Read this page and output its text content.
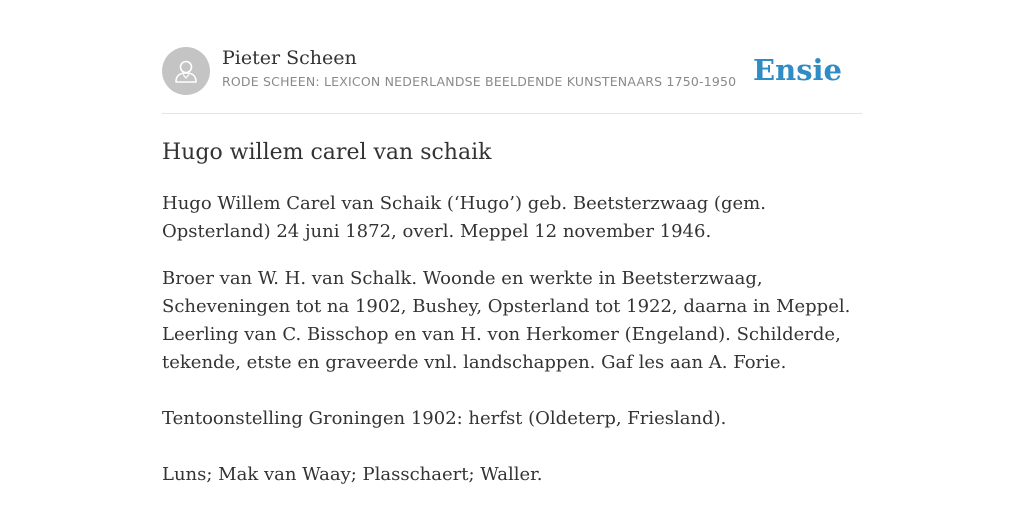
Pieter Scheen
RODE SCHEEN: LEXICON NEDERLANDSE BEELDENDE KUNSTENAARS 1750-1950 Ensie
Hugo willem carel van schaik

Hugo Willem Carel van Schaik (‘Hugo’) geb. Beetsterzwaag (gem. Opsterland) 24 juni 1872, overl. Meppel 12 november 1946.

Broer van W. H. van Schalk. Woonde en werkte in Beetsterzwaag, Scheveningen tot na 1902, Bushey, Opsterland tot 1922, daarna in Meppel. Leerling van C. Bisschop en van H. von Herkomer (Engeland). Schilderde, tekende, etste en graveerde vnl. landschappen. Gaf les aan A. Forie.

Tentoonstelling Groningen 1902: herfst (Oldeterp, Friesland).

Luns; Mak van Waay; Plasschaert; Waller.
